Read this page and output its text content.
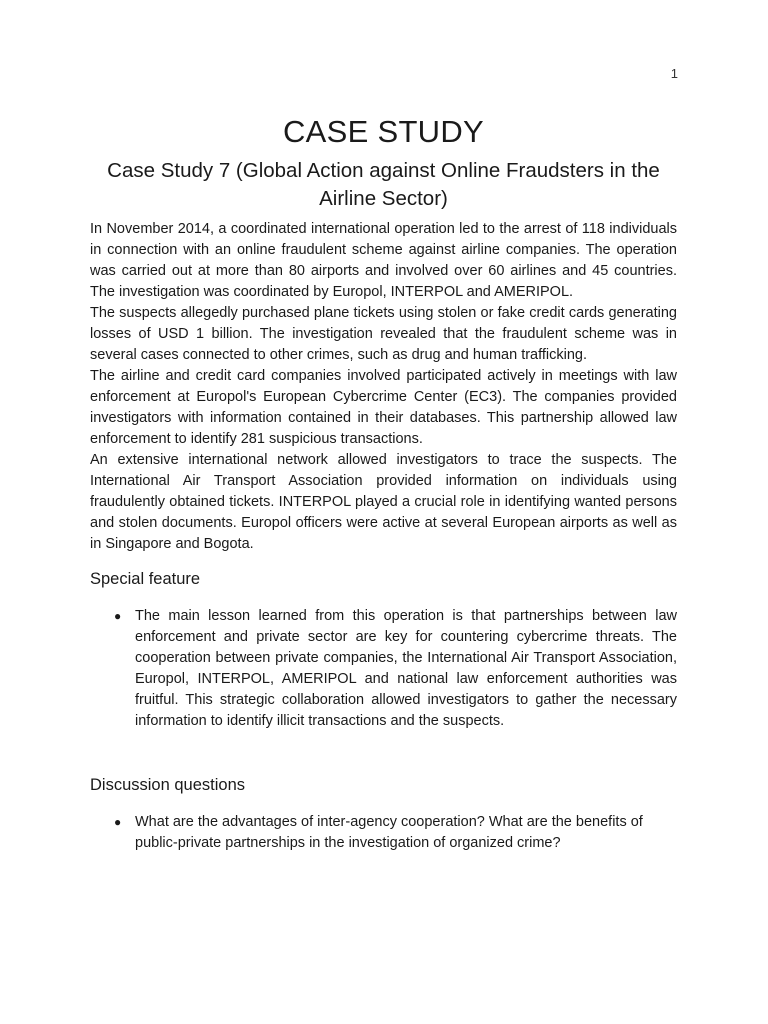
1
CASE STUDY
Case Study 7 (Global Action against Online Fraudsters in the Airline Sector)

In November 2014, a coordinated international operation led to the arrest of 118 individuals in connection with an online fraudulent scheme against airline companies. The operation was carried out at more than 80 airports and involved over 60 airlines and 45 countries. The investigation was coordinated by Europol, INTERPOL and AMERIPOL.

The suspects allegedly purchased plane tickets using stolen or fake credit cards generating losses of USD 1 billion. The investigation revealed that the fraudulent scheme was in several cases connected to other crimes, such as drug and human trafficking.

The airline and credit card companies involved participated actively in meetings with law enforcement at Europol's European Cybercrime Center (EC3). The companies provided investigators with information contained in their databases. This partnership allowed law enforcement to identify 281 suspicious transactions.

An extensive international network allowed investigators to trace the suspects. The International Air Transport Association provided information on individuals using fraudulently obtained tickets. INTERPOL played a crucial role in identifying wanted persons and stolen documents. Europol officers were active at several European airports as well as in Singapore and Bogota.

Special feature
● The main lesson learned from this operation is that partnerships between law enforcement and private sector are key for countering cybercrime threats. The cooperation between private companies, the International Air Transport Association, Europol, INTERPOL, AMERIPOL and national law enforcement authorities was fruitful. This strategic collaboration allowed investigators to gather the necessary information to identify illicit transactions and the suspects.
Discussion questions
● What are the advantages of inter-agency cooperation? What are the benefits of public-private partnerships in the investigation of organized crime?
